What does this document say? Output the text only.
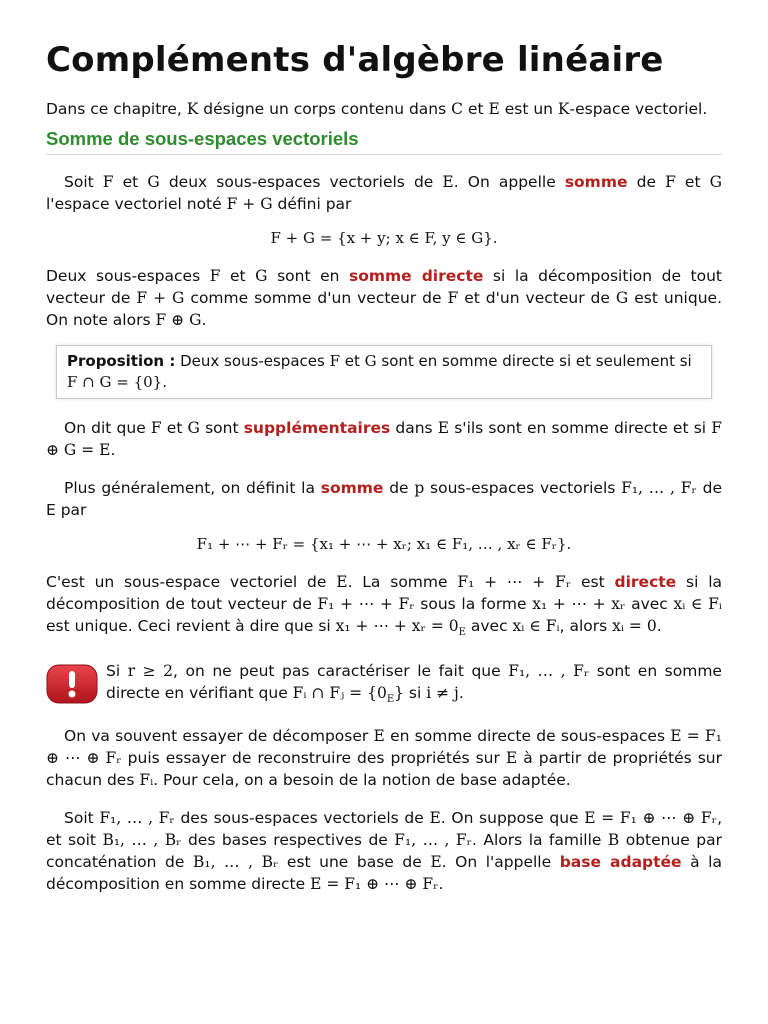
Compléments d'algèbre linéaire

Dans ce chapitre, K désigne un corps contenu dans C et E est un K-espace vectoriel.

Somme de sous-espaces vectoriels

Soit F et G deux sous-espaces vectoriels de E. On appelle somme de F et G l'espace vectoriel noté F + G défini par

F + G = {x + y; x ∈ F, y ∈ G}.

Deux sous-espaces F et G sont en somme directe si la décomposition de tout vecteur de F + G comme somme d'un vecteur de F et d'un vecteur de G est unique. On note alors F ⊕ G.

Proposition : Deux sous-espaces F et G sont en somme directe si et seulement si F ∩ G = {0}.

On dit que F et G sont supplémentaires dans E s'ils sont en somme directe et si F ⊕ G = E.

Plus généralement, on définit la somme de p sous-espaces vectoriels F₁, … , Fᵣ de E par

F₁ + ⋯ + Fᵣ = {x₁ + ⋯ + xᵣ; x₁ ∈ F₁, … , xᵣ ∈ Fᵣ}.

C'est un sous-espace vectoriel de E. La somme F₁ + ⋯ + Fᵣ est directe si la décomposition de tout vecteur de F₁ + ⋯ + Fᵣ sous la forme x₁ + ⋯ + xᵣ avec xᵢ ∈ Fᵢ est unique. Ceci revient à dire que si x₁ + ⋯ + xᵣ = $0_E$ avec xᵢ ∈ Fᵢ, alors xᵢ = 0.

Si r ≥ 2, on ne peut pas caractériser le fait que F₁, … , Fᵣ sont en somme directe en vérifiant que Fᵢ ∩ Fⱼ = $\{0_E\}$ si i ≠ j.

On va souvent essayer de décomposer E en somme directe de sous-espaces E = F₁ ⊕ ⋯ ⊕ Fᵣ puis essayer de reconstruire des propriétés sur E à partir de propriétés sur chacun des Fᵢ. Pour cela, on a besoin de la notion de base adaptée.

Soit F₁, … , Fᵣ des sous-espaces vectoriels de E. On suppose que E = F₁ ⊕ ⋯ ⊕ Fᵣ, et soit B₁, … , Bᵣ des bases respectives de F₁, … , Fᵣ. Alors la famille B obtenue par concaténation de B₁, … , Bᵣ est une base de E. On l'appelle base adaptée à la décomposition en somme directe E = F₁ ⊕ ⋯ ⊕ Fᵣ.
